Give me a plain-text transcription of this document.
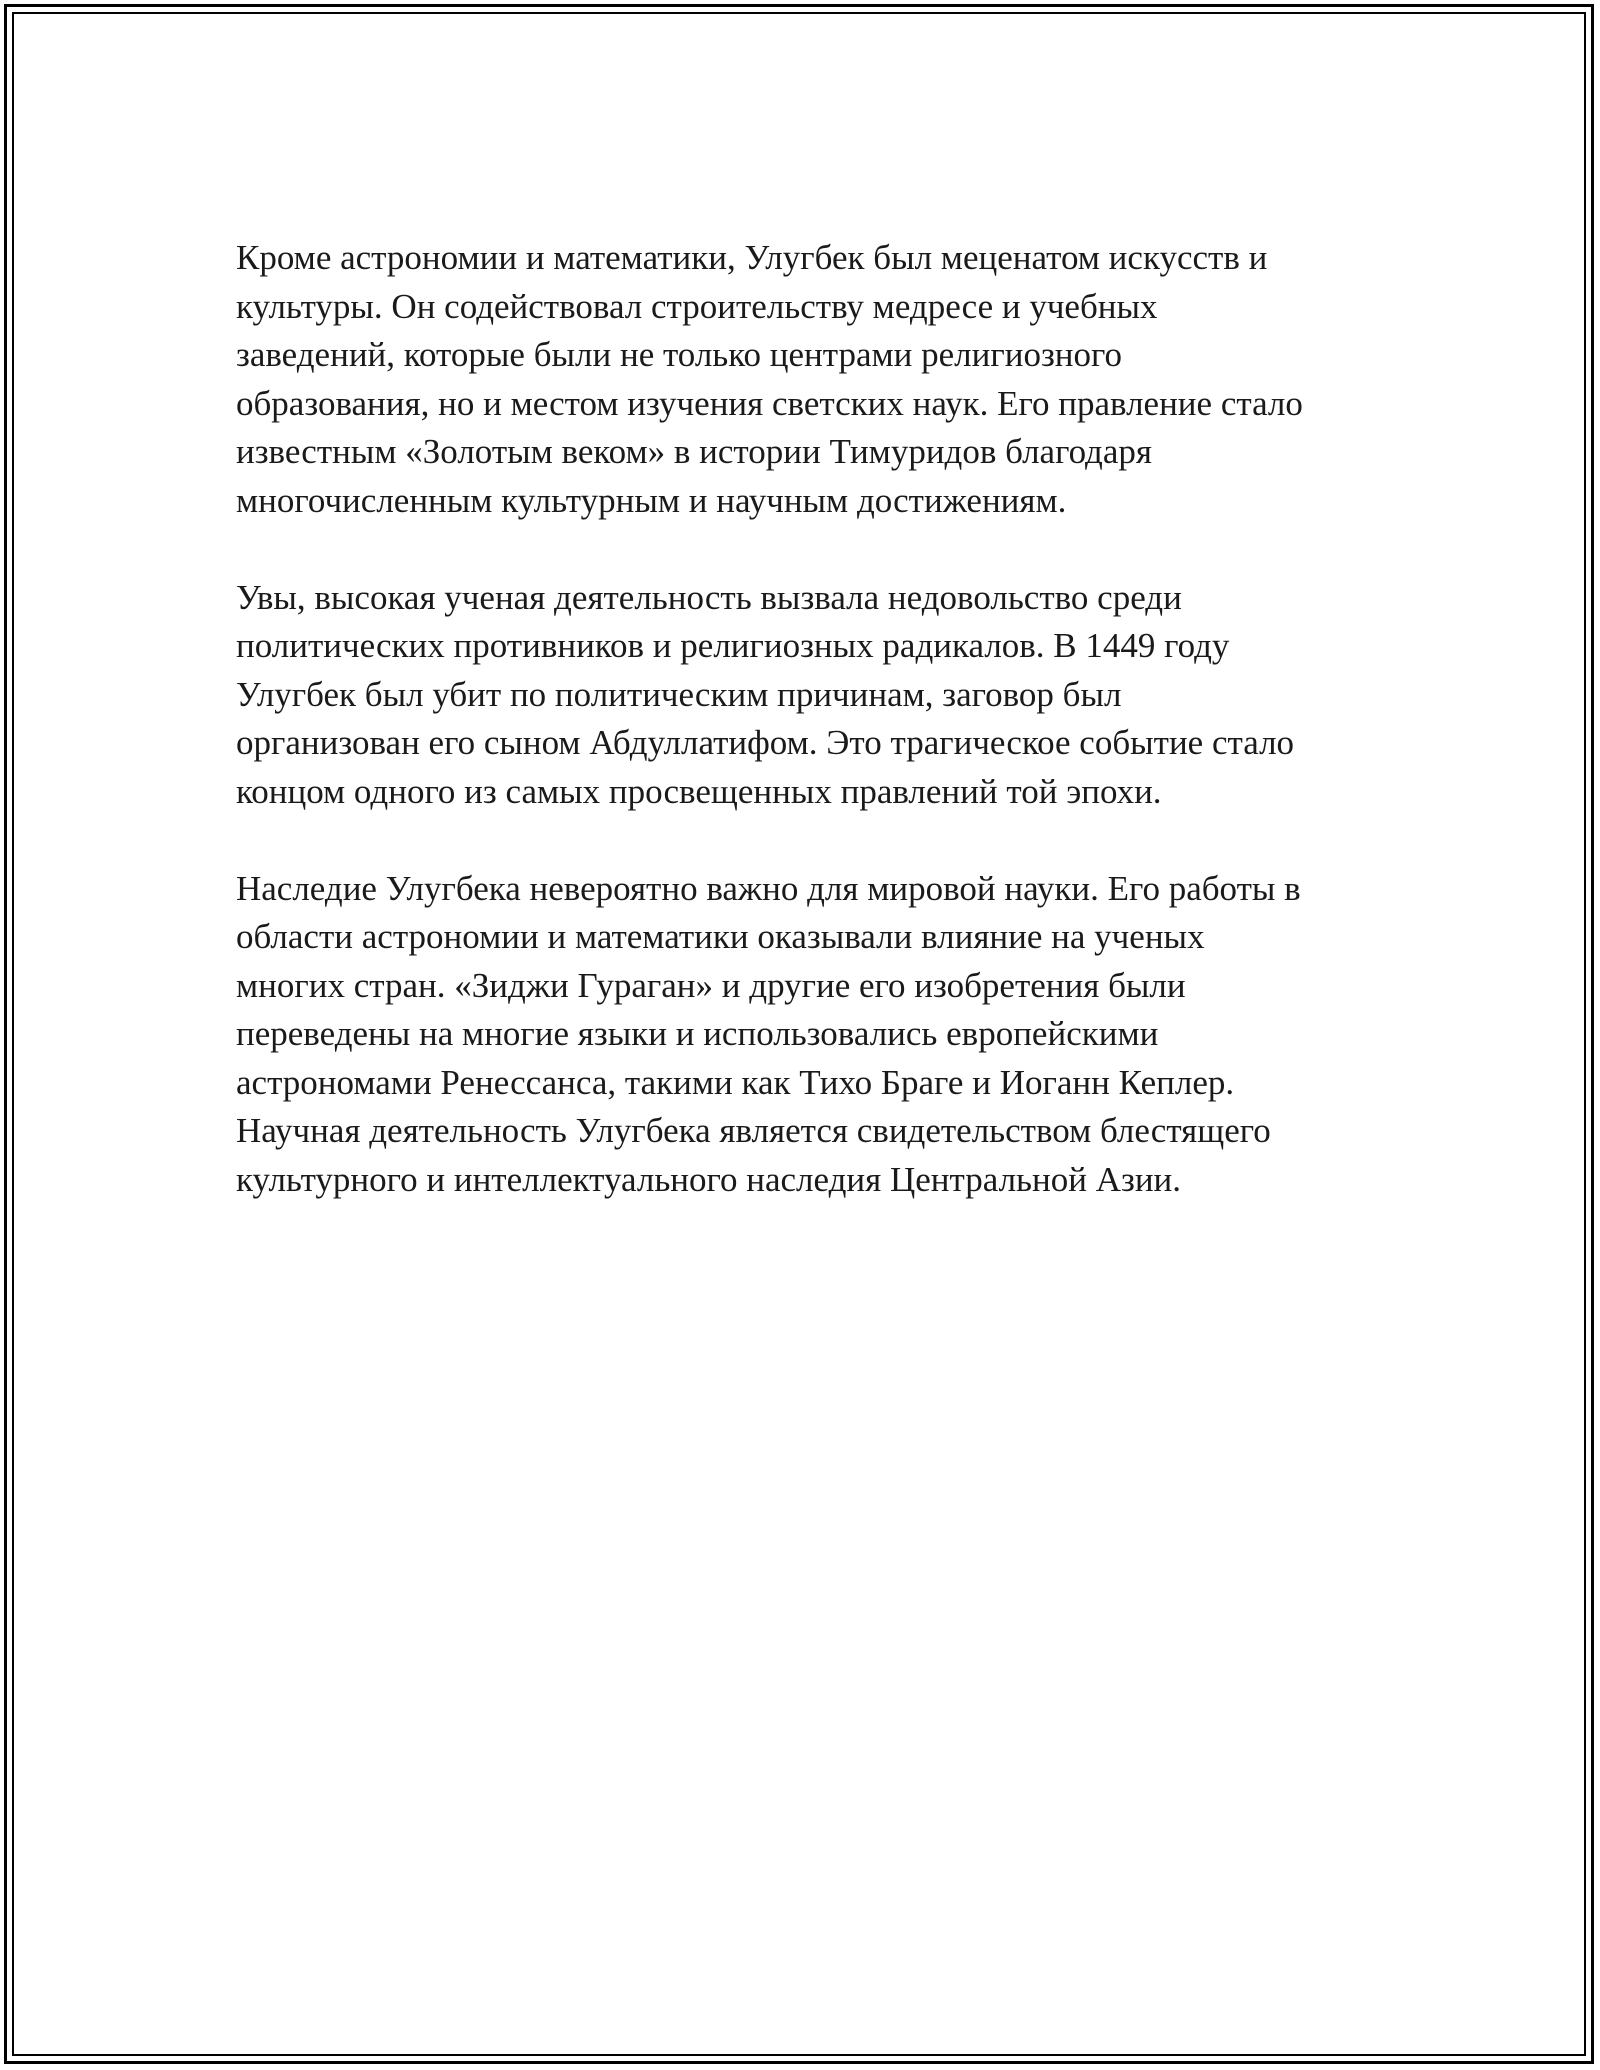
Кроме астрономии и математики, Улугбек был меценатом искусств и
культуры. Он содействовал строительству медресе и учебных
заведений, которые были не только центрами религиозного
образования, но и местом изучения светских наук. Его правление стало
известным «Золотым веком» в истории Тимуридов благодаря
многочисленным культурным и научным достижениям.
Увы, высокая ученая деятельность вызвала недовольство среди
политических противников и религиозных радикалов. В 1449 году
Улугбек был убит по политическим причинам, заговор был
организован его сыном Абдуллатифом. Это трагическое событие стало
концом одного из самых просвещенных правлений той эпохи.
Наследие Улугбека невероятно важно для мировой науки. Его работы в
области астрономии и математики оказывали влияние на ученых
многих стран. «Зиджи Гураган» и другие его изобретения были
переведены на многие языки и использовались европейскими
астрономами Ренессанса, такими как Тихо Браге и Иоганн Кеплер.
Научная деятельность Улугбека является свидетельством блестящего
культурного и интеллектуального наследия Центральной Азии.
